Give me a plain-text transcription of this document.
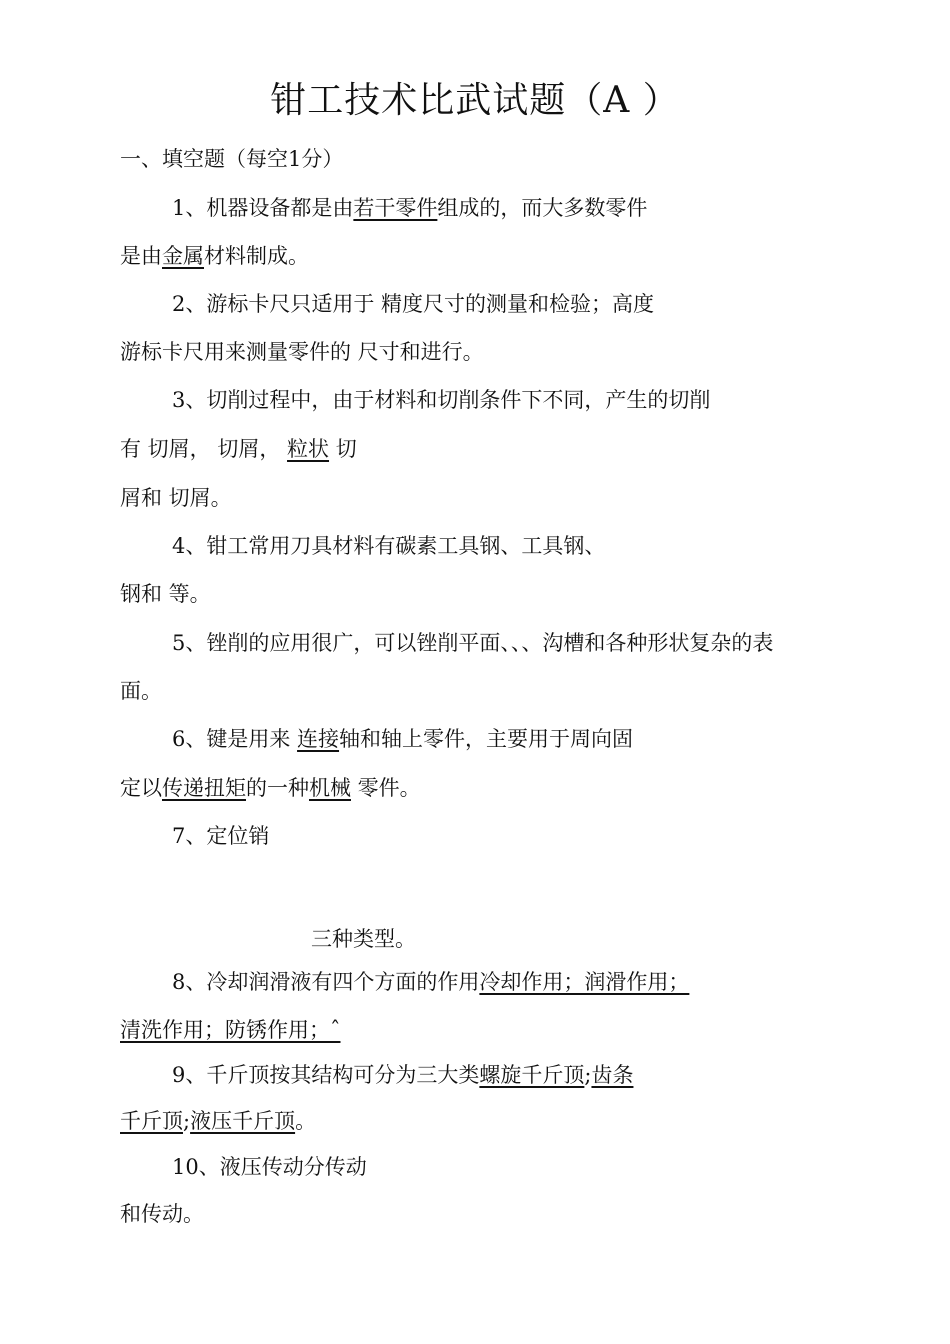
钳工技术比武试题（A ）
一、填空题（每空1分）
1、机器设备都是由若干零件组成的，而大多数零件
是由金属材料制成。
2、游标卡尺只适用于 精度尺寸的测量和检验；高度
游标卡尺用来测量零件的 尺寸和进行。
3、切削过程中，由于材料和切削条件下不同，产生的切削
有 切屑， 切屑， 粒状 切
屑和 切屑。
4、钳工常用刀具材料有碳素工具钢、工具钢、
钢和 等。
5、锉削的应用很广，可以锉削平面、、、沟槽和各种形状复杂的表
面。
6、键是用来 连接轴和轴上零件，主要用于周向固
定以传递扭矩的一种机械 零件。
7、定位销
三种类型。
8、冷却润滑液有四个方面的作用冷却作用；润滑作用；
清洗作用；防锈作用；ˆ
9、千斤顶按其结构可分为三大类螺旋千斤顶;齿条
千斤顶;液压千斤顶。
10、液压传动分传动
和传动。
